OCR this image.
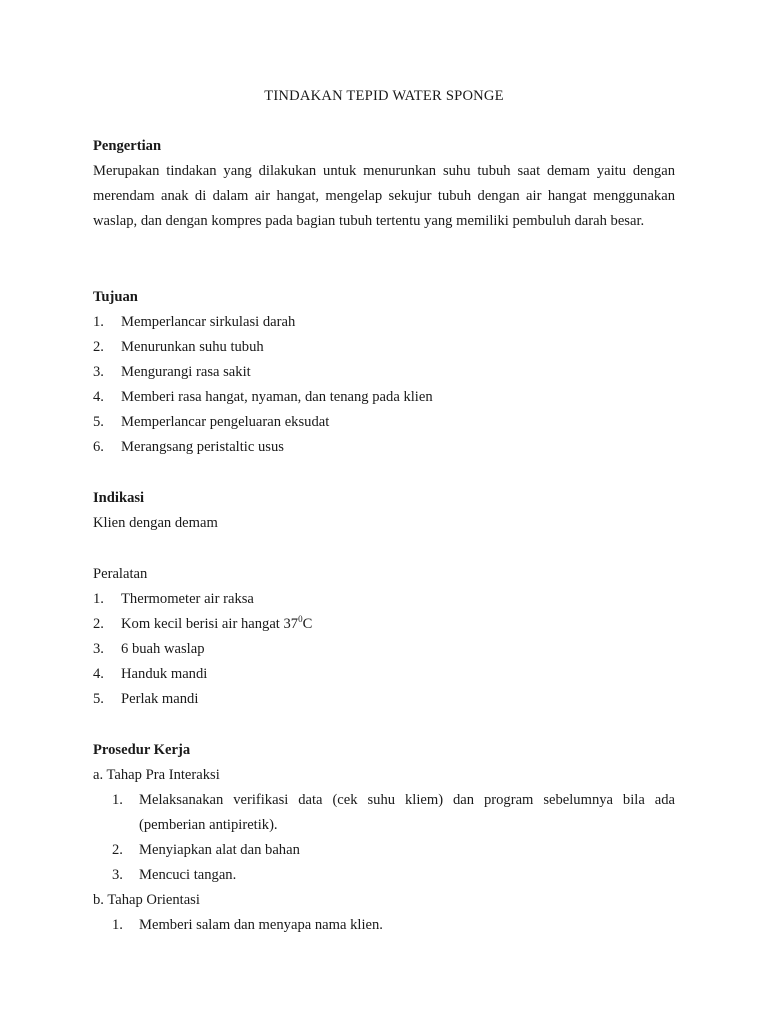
TINDAKAN TEPID WATER SPONGE
Pengertian
Merupakan tindakan yang dilakukan untuk menurunkan suhu tubuh saat demam yaitu dengan merendam anak di dalam air hangat, mengelap sekujur tubuh dengan air hangat menggunakan waslap, dan dengan kompres pada bagian tubuh tertentu yang memiliki pembuluh darah besar.
Tujuan
1. Memperlancar sirkulasi darah
2. Menurunkan suhu tubuh
3. Mengurangi rasa sakit
4. Memberi rasa hangat, nyaman, dan tenang pada klien
5. Memperlancar pengeluaran eksudat
6. Merangsang peristaltic usus
Indikasi
Klien dengan demam
Peralatan
1. Thermometer air raksa
2. Kom kecil berisi air hangat $37^0C$
3. 6 buah waslap
4. Handuk mandi
5. Perlak mandi
Prosedur Kerja
a. Tahap Pra Interaksi
1. Melaksanakan verifikasi data (cek suhu kliem) dan program sebelumnya bila ada (pemberian antipiretik).
2. Menyiapkan alat dan bahan
3. Mencuci tangan.
b. Tahap Orientasi
1. Memberi salam dan menyapa nama klien.
